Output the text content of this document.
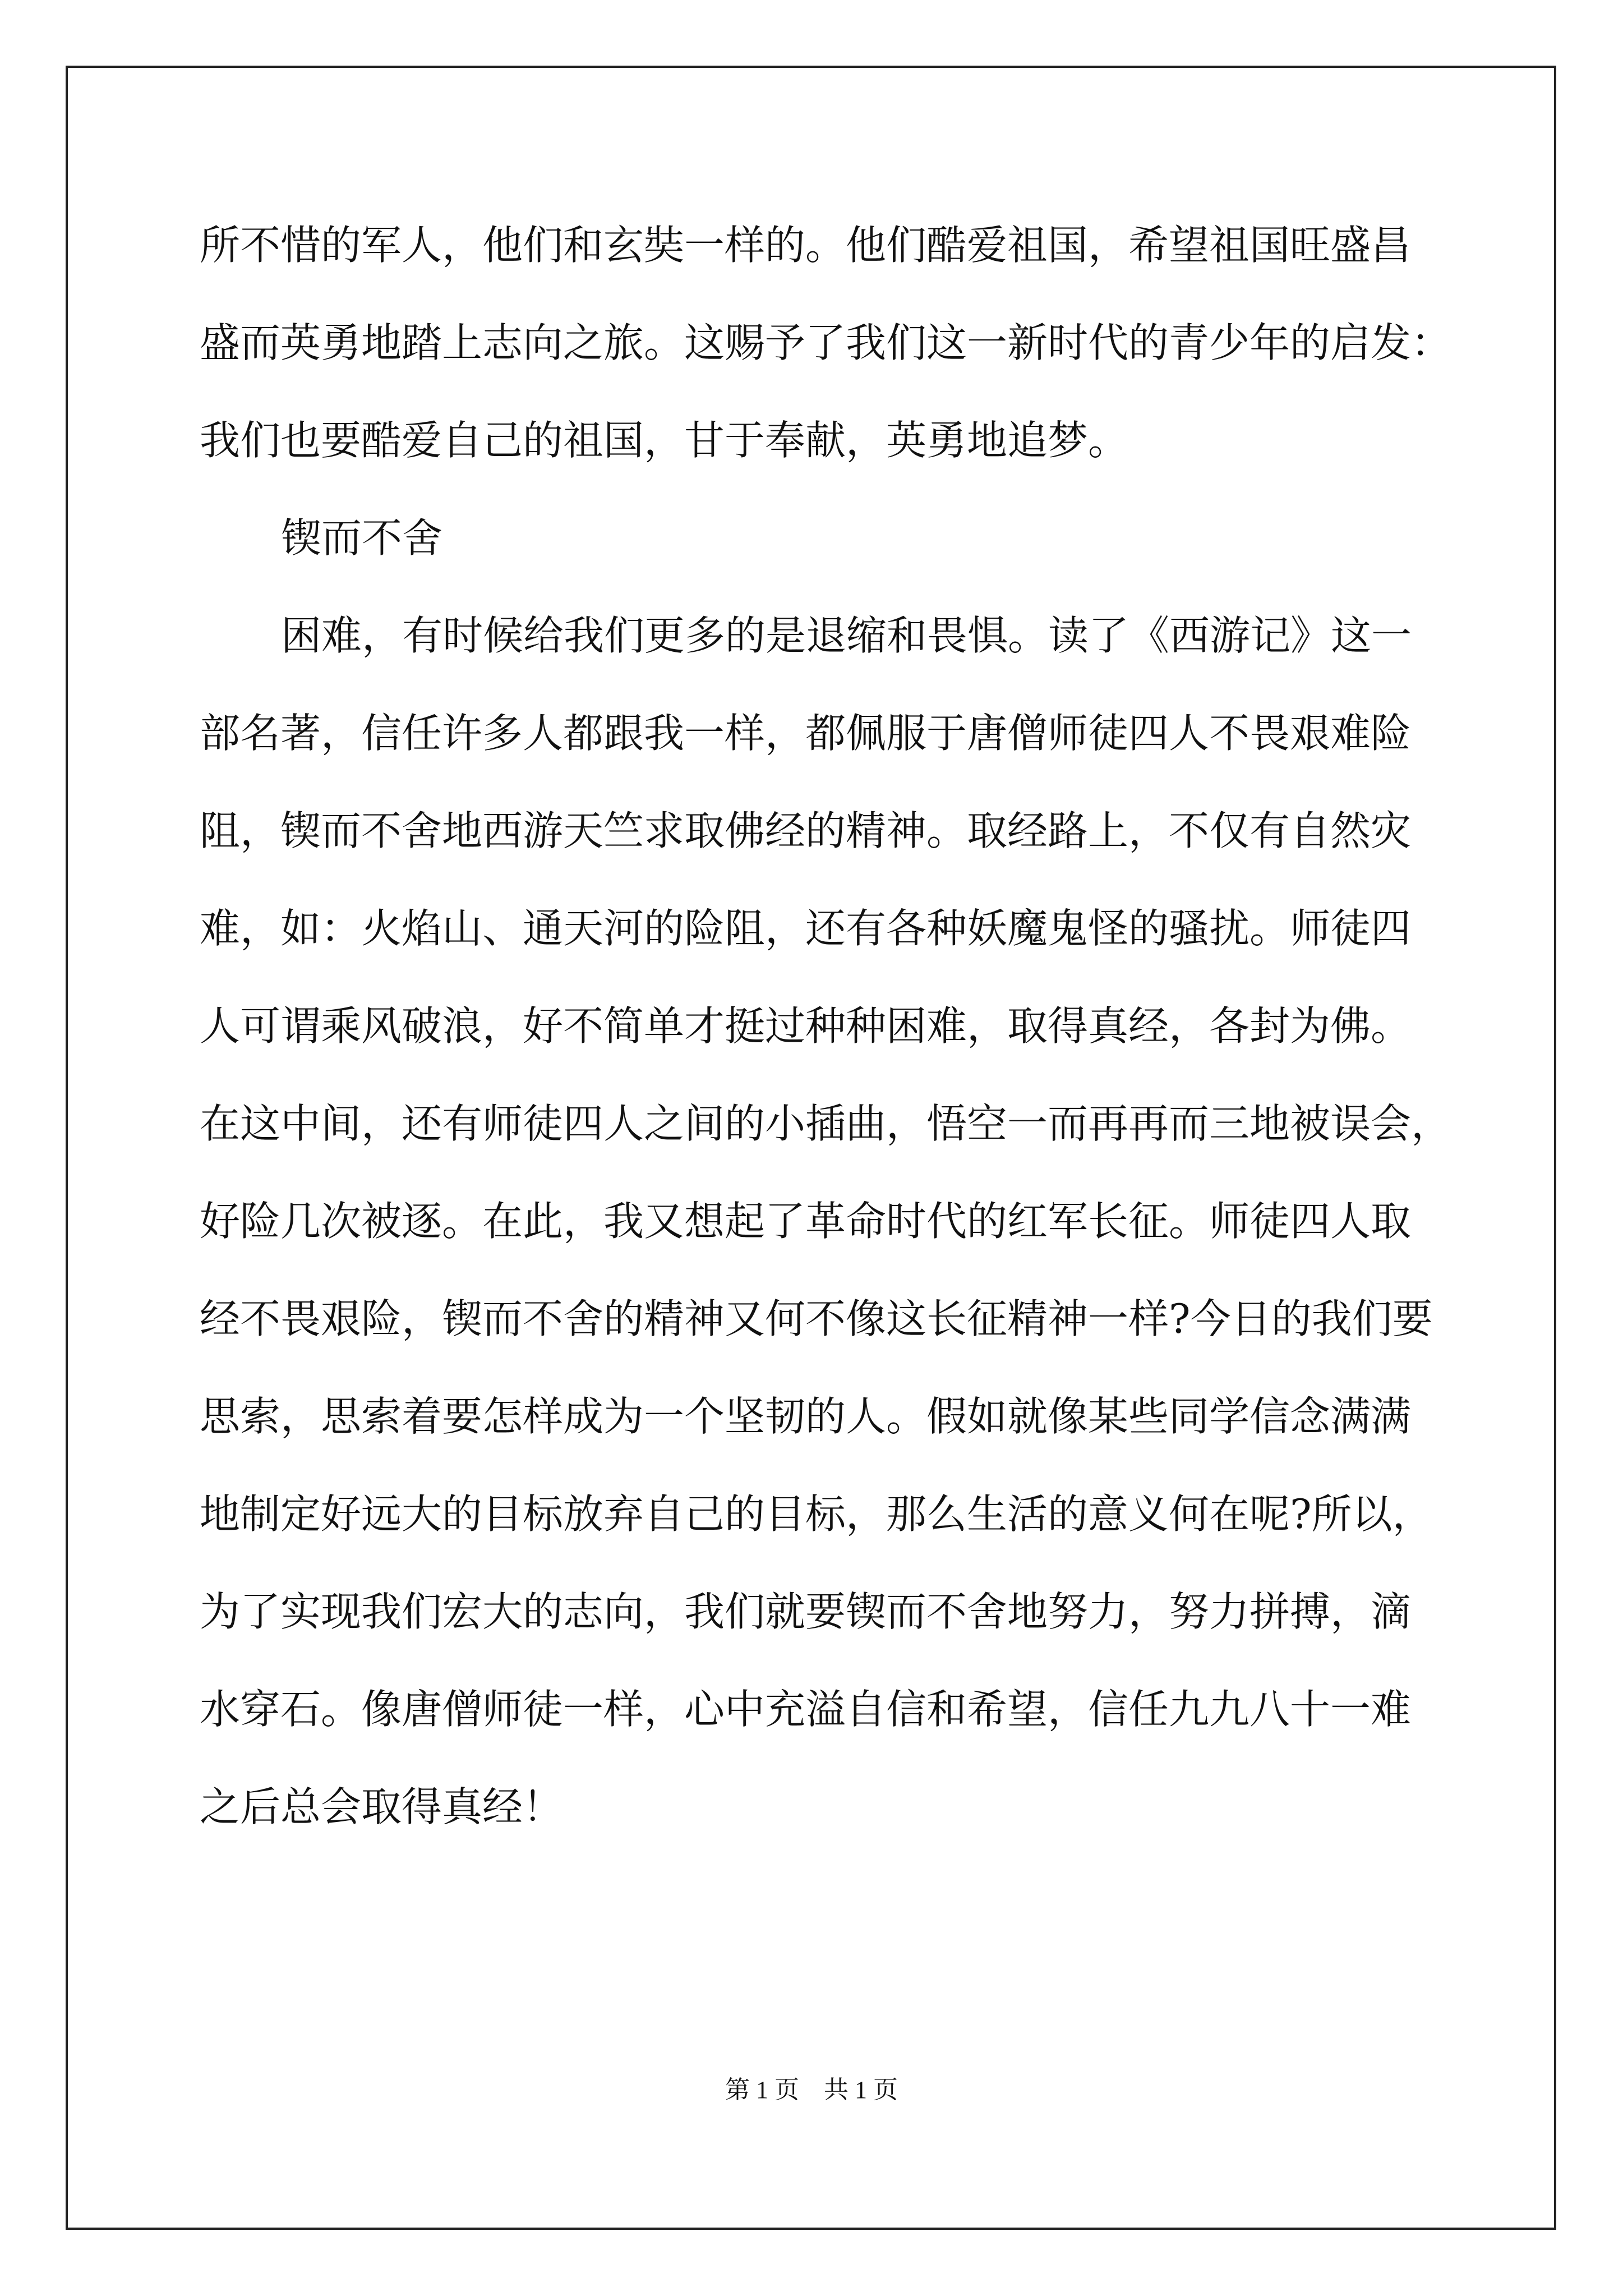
所不惜的军人，他们和玄奘一样的。他们酷爱祖国，希望祖国旺盛昌
盛而英勇地踏上志向之旅。这赐予了我们这一新时代的青少年的启发：
我们也要酷爱自己的祖国，甘于奉献，英勇地追梦。
锲而不舍
困难，有时候给我们更多的是退缩和畏惧。读了《西游记》这一
部名著，信任许多人都跟我一样，都佩服于唐僧师徒四人不畏艰难险
阻，锲而不舍地西游天竺求取佛经的精神。取经路上，不仅有自然灾
难，如：火焰山、通天河的险阻，还有各种妖魔鬼怪的骚扰。师徒四
人可谓乘风破浪，好不简单才挺过种种困难，取得真经，各封为佛。
在这中间，还有师徒四人之间的小插曲，悟空一而再再而三地被误会，
好险几次被逐。在此，我又想起了革命时代的红军长征。师徒四人取
经不畏艰险，锲而不舍的精神又何不像这长征精神一样?今日的我们要
思索，思索着要怎样成为一个坚韧的人。假如就像某些同学信念满满
地制定好远大的目标放弃自己的目标，那么生活的意义何在呢?所以，
为了实现我们宏大的志向，我们就要锲而不舍地努力，努力拼搏，滴
水穿石。像唐僧师徒一样，心中充溢自信和希望，信任九九八十一难
之后总会取得真经！
第 1 页　共 1 页
